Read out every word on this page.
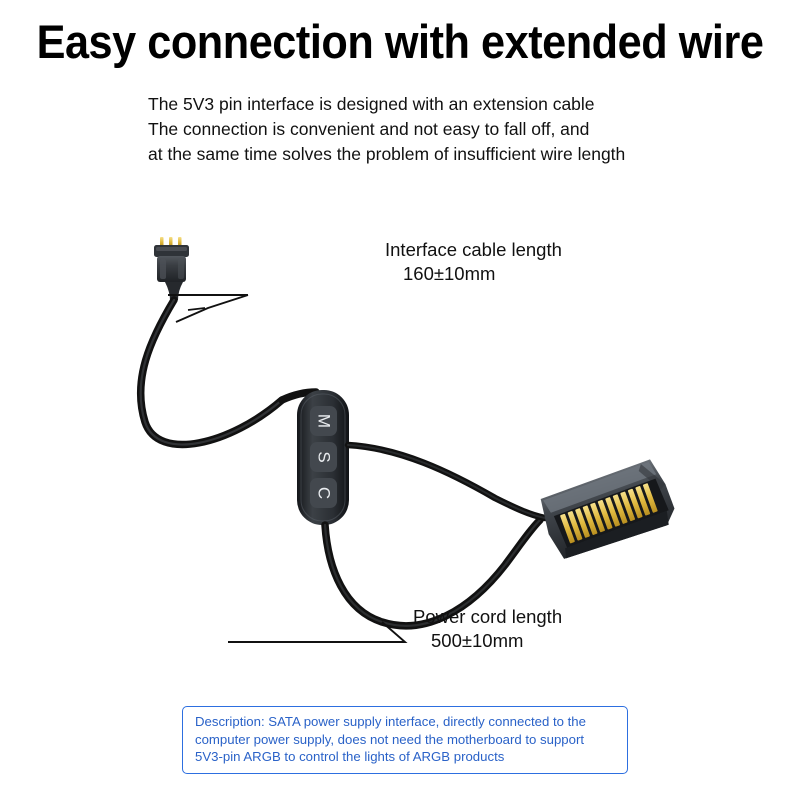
Easy connection with extended wire
The 5V3 pin interface is designed with an extension cable
The connection is convenient and not easy to fall off, and
at the same time solves the problem of insufficient wire length
M
S
C
Interface cable length
160±10mm
Power cord length
500±10mm
Description: SATA power supply interface, directly connected to the
computer power supply, does not need the motherboard to support
5V3-pin ARGB to control the lights of ARGB products
